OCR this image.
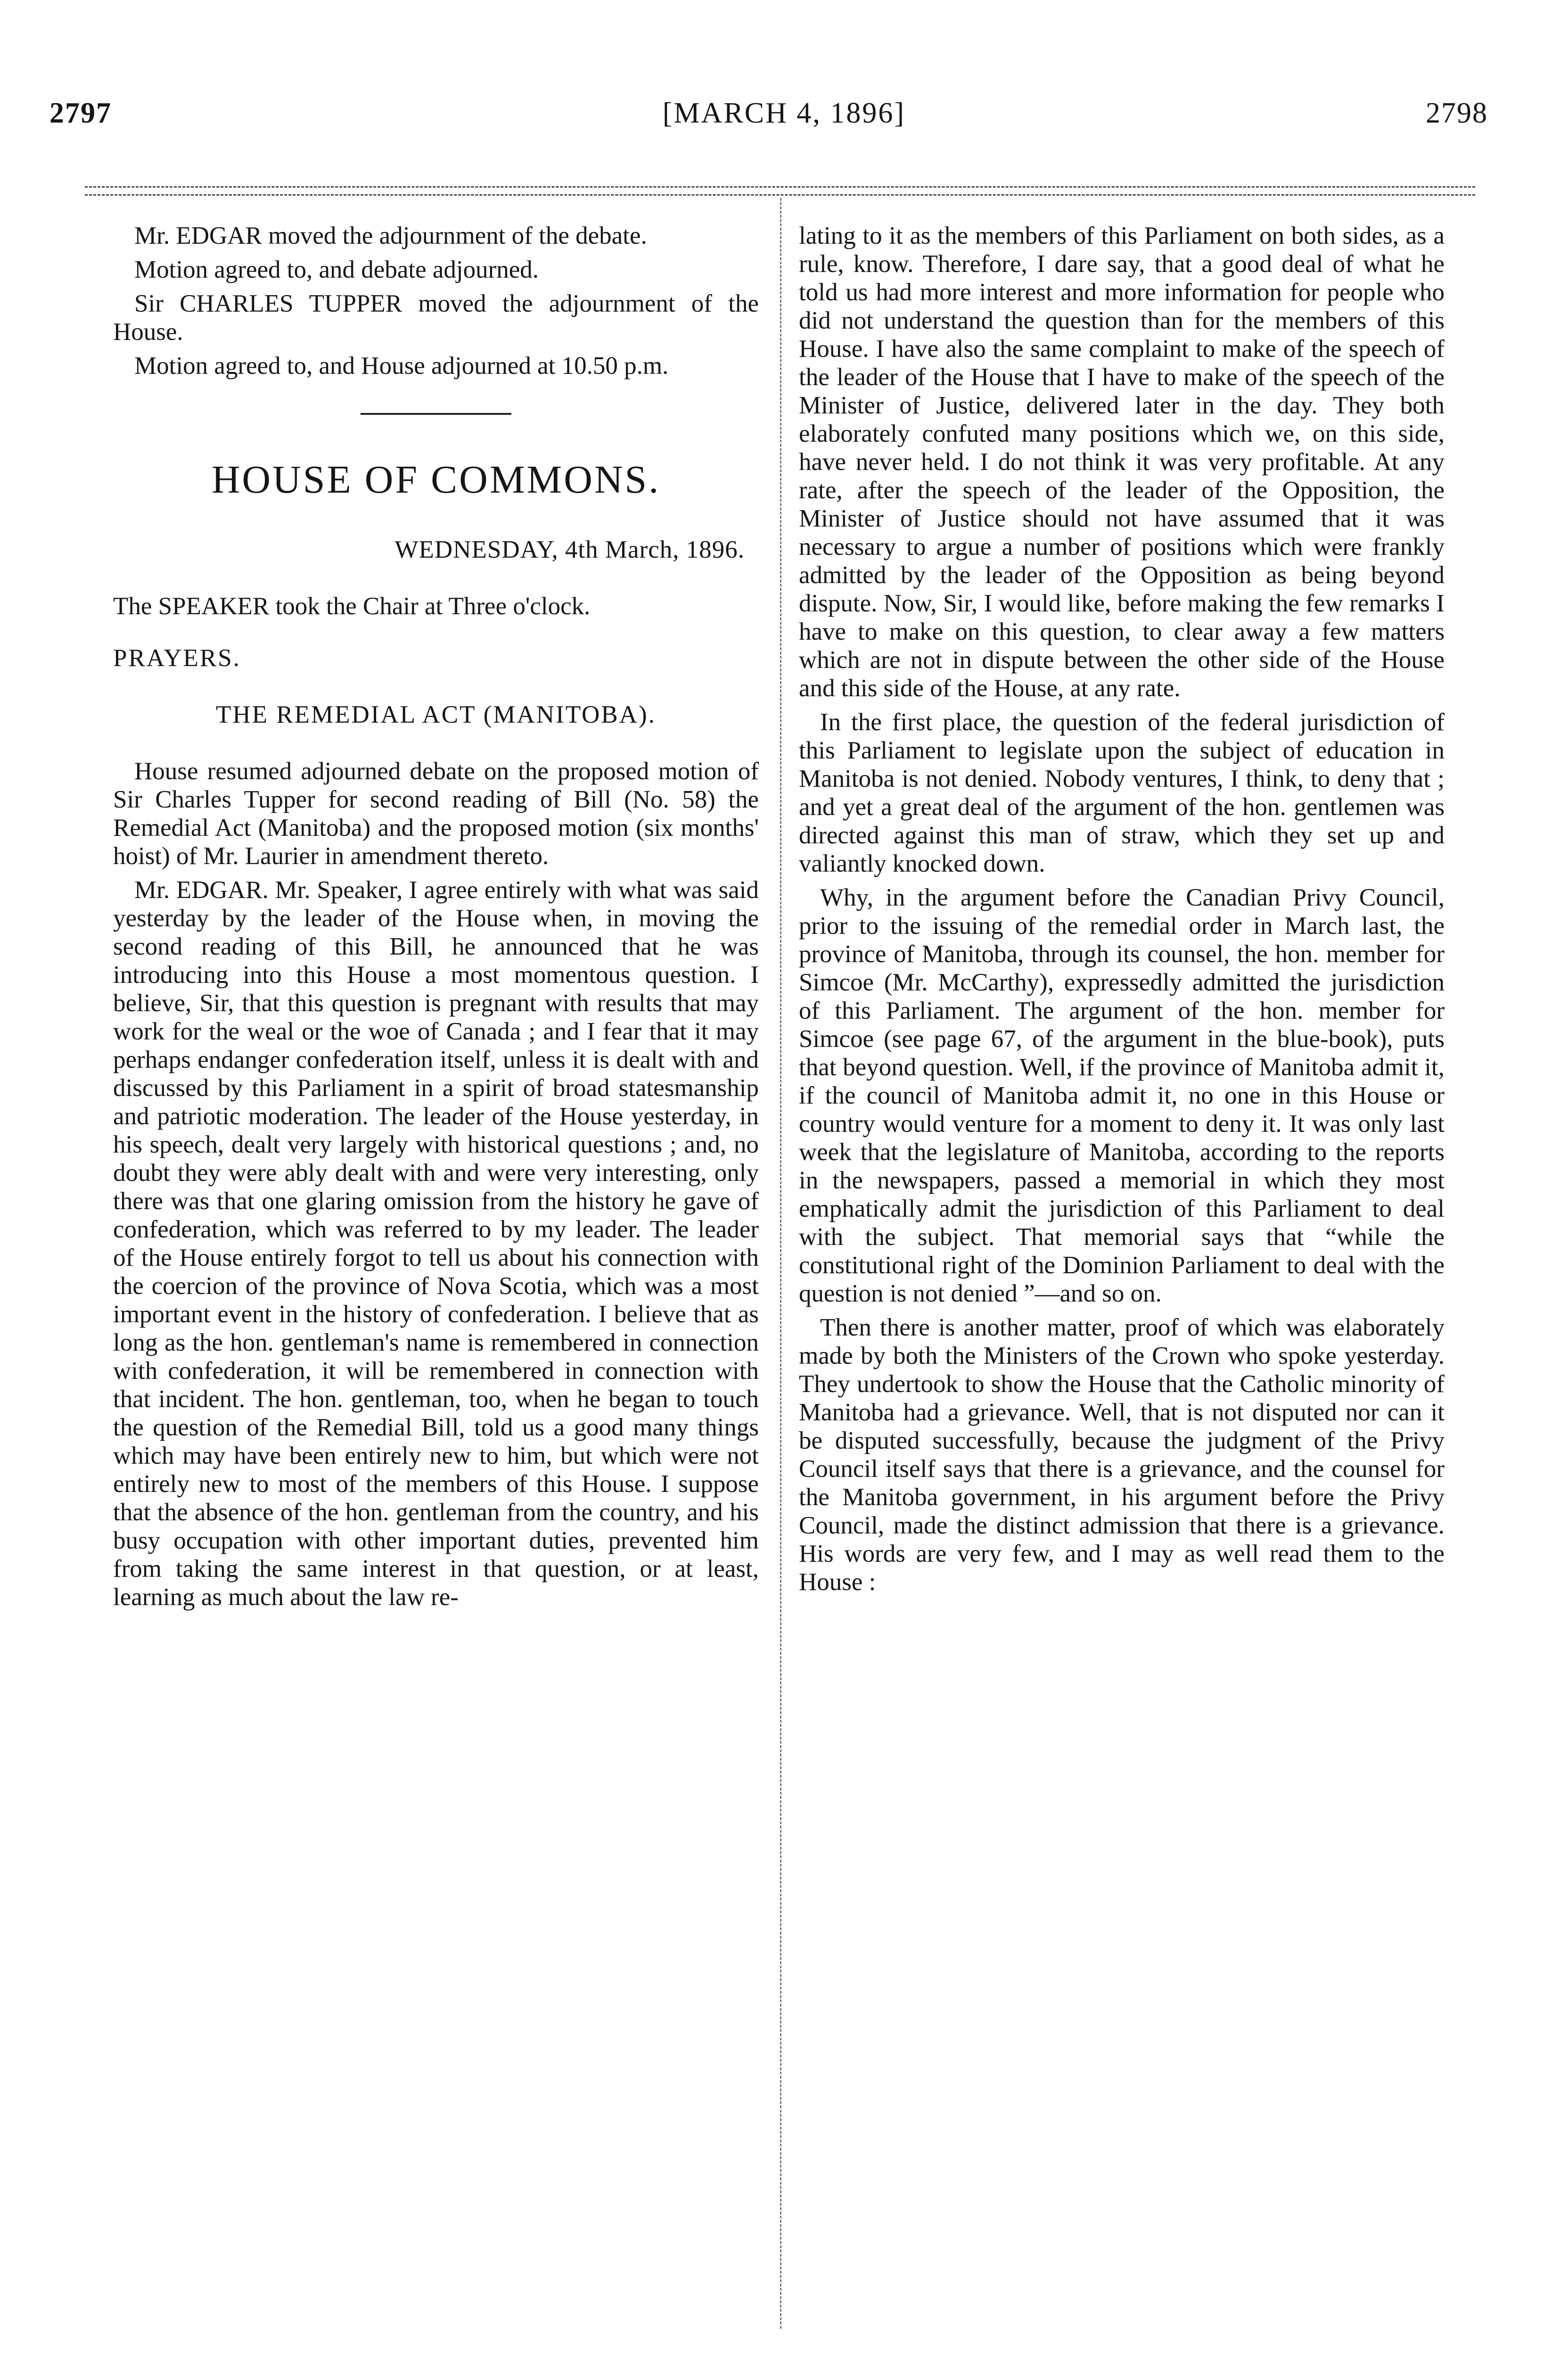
2797	[MARCH 4, 1896]	2798

Mr. EDGAR moved the adjournment of the debate.

Motion agreed to, and debate adjourned.

Sir CHARLES TUPPER moved the adjournment of the House.

Motion agreed to, and House adjourned at 10.50 p.m.

HOUSE OF COMMONS.
WEDNESDAY, 4th March, 1896.

The SPEAKER took the Chair at Three o'clock.

PRAYERS.

THE REMEDIAL ACT (MANITOBA).

House resumed adjourned debate on the proposed motion of Sir Charles Tupper for second reading of Bill (No. 58) the Remedial Act (Manitoba) and the proposed motion (six months' hoist) of Mr. Laurier in amendment thereto.

Mr. EDGAR. Mr. Speaker, I agree entirely with what was said yesterday by the leader of the House when, in moving the second reading of this Bill, he announced that he was introducing into this House a most momentous question. I believe, Sir, that this question is pregnant with results that may work for the weal or the woe of Canada ; and I fear that it may perhaps endanger confederation itself, unless it is dealt with and discussed by this Parliament in a spirit of broad statesmanship and patriotic moderation. The leader of the House yesterday, in his speech, dealt very largely with historical questions ; and, no doubt they were ably dealt with and were very interesting, only there was that one glaring omission from the history he gave of confederation, which was referred to by my leader. The leader of the House entirely forgot to tell us about his connection with the coercion of the province of Nova Scotia, which was a most important event in the history of confederation. I believe that as long as the hon. gentleman's name is remembered in connection with confederation, it will be remembered in connection with that incident. The hon. gentleman, too, when he began to touch the question of the Remedial Bill, told us a good many things which may have been entirely new to him, but which were not entirely new to most of the members of this House. I suppose that the absence of the hon. gentleman from the country, and his busy occupation with other important duties, prevented him from taking the same interest in that question, or at least, learning as much about the law re-

lating to it as the members of this Parliament on both sides, as a rule, know. Therefore, I dare say, that a good deal of what he told us had more interest and more information for people who did not understand the question than for the members of this House. I have also the same complaint to make of the speech of the leader of the House that I have to make of the speech of the Minister of Justice, delivered later in the day. They both elaborately confuted many positions which we, on this side, have never held. I do not think it was very profitable. At any rate, after the speech of the leader of the Opposition, the Minister of Justice should not have assumed that it was necessary to argue a number of positions which were frankly admitted by the leader of the Opposition as being beyond dispute. Now, Sir, I would like, before making the few remarks I have to make on this question, to clear away a few matters which are not in dispute between the other side of the House and this side of the House, at any rate.

In the first place, the question of the federal jurisdiction of this Parliament to legislate upon the subject of education in Manitoba is not denied. Nobody ventures, I think, to deny that ; and yet a great deal of the argument of the hon. gentlemen was directed against this man of straw, which they set up and valiantly knocked down.

Why, in the argument before the Canadian Privy Council, prior to the issuing of the remedial order in March last, the province of Manitoba, through its counsel, the hon. member for Simcoe (Mr. McCarthy), expressedly admitted the jurisdiction of this Parliament. The argument of the hon. member for Simcoe (see page 67, of the argument in the blue-book), puts that beyond question. Well, if the province of Manitoba admit it, if the council of Manitoba admit it, no one in this House or country would venture for a moment to deny it. It was only last week that the legislature of Manitoba, according to the reports in the newspapers, passed a memorial in which they most emphatically admit the jurisdiction of this Parliament to deal with the subject. That memorial says that “while the constitutional right of the Dominion Parliament to deal with the question is not denied ”—and so on.

Then there is another matter, proof of which was elaborately made by both the Ministers of the Crown who spoke yesterday. They undertook to show the House that the Catholic minority of Manitoba had a grievance. Well, that is not disputed nor can it be disputed successfully, because the judgment of the Privy Council itself says that there is a grievance, and the counsel for the Manitoba government, in his argument before the Privy Council, made the distinct admission that there is a grievance. His words are very few, and I may as well read them to the House :
